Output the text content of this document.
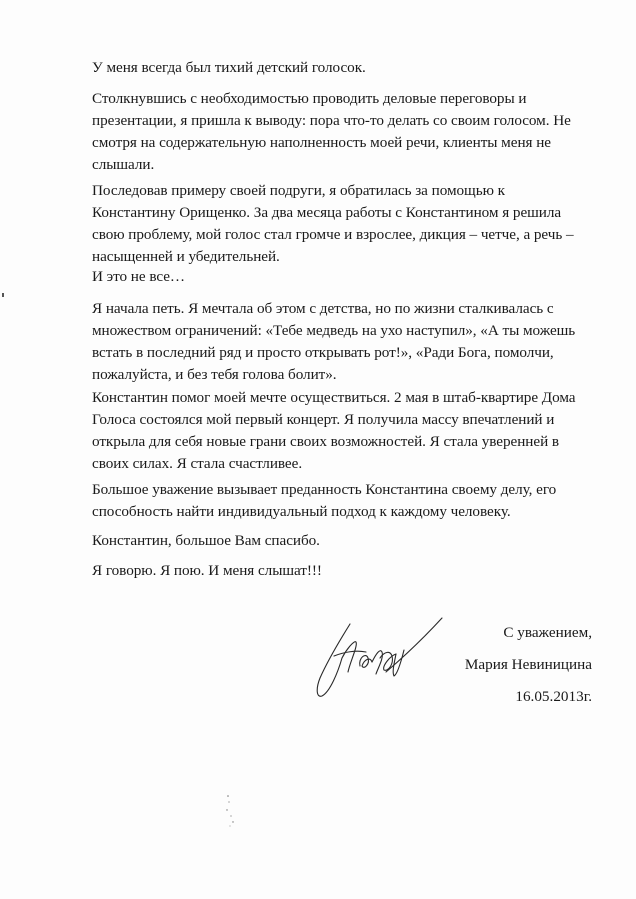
У меня всегда был тихий детский голосок.

Столкнувшись с необходимостью проводить деловые переговоры и презентации, я пришла к выводу: пора что-то делать со своим голосом. Не смотря на содержательную наполненность моей речи, клиенты меня не слышали.

Последовав примеру своей подруги, я обратилась за помощью к Константину Орищенко. За два месяца работы с Константином я решила свою проблему, мой голос стал громче и взрослее, дикция – четче, а речь – насыщенней и убедительней.

И это не все…

Я начала петь. Я мечтала об этом с детства, но по жизни сталкивалась с множеством ограничений: «Тебе медведь на ухо наступил», «А ты можешь встать в последний ряд и просто открывать рот!», «Ради Бога, помолчи, пожалуйста, и без тебя голова болит».

Константин помог моей мечте осуществиться. 2 мая в штаб-квартире Дома Голоса состоялся мой первый концерт. Я получила массу впечатлений и открыла для себя новые грани своих возможностей. Я стала уверенней в своих силах. Я стала счастливее.

Большое уважение вызывает преданность Константина своему делу, его способность найти индивидуальный подход к каждому человеку.

Константин, большое Вам спасибо.

Я говорю. Я пою. И меня слышат!!!

С уважением,

Мария Невиницина

16.05.2013г.
